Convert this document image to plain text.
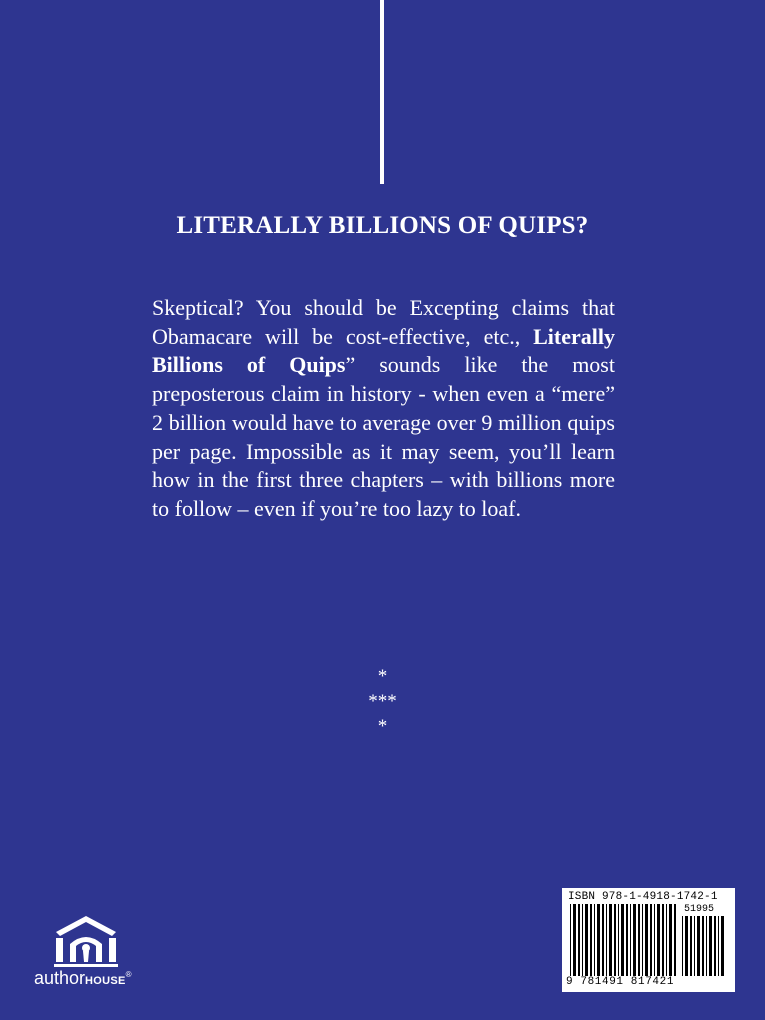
LITERALLY BILLIONS OF QUIPS?

Skeptical? You should be Excepting claims that Obamacare will be cost-effective, etc., Literally Billions of Quips” sounds like the most preposterous claim in history - when even a “mere” 2 billion would have to average over 9 million quips per page. Impossible as it may seem, you’ll learn how in the first three chapters – with billions more to follow – even if you’re too lazy to loaf.

*
***
*
authorHOUSE®
ISBN 978-1-4918-1742-1
51995
9 781491 817421
